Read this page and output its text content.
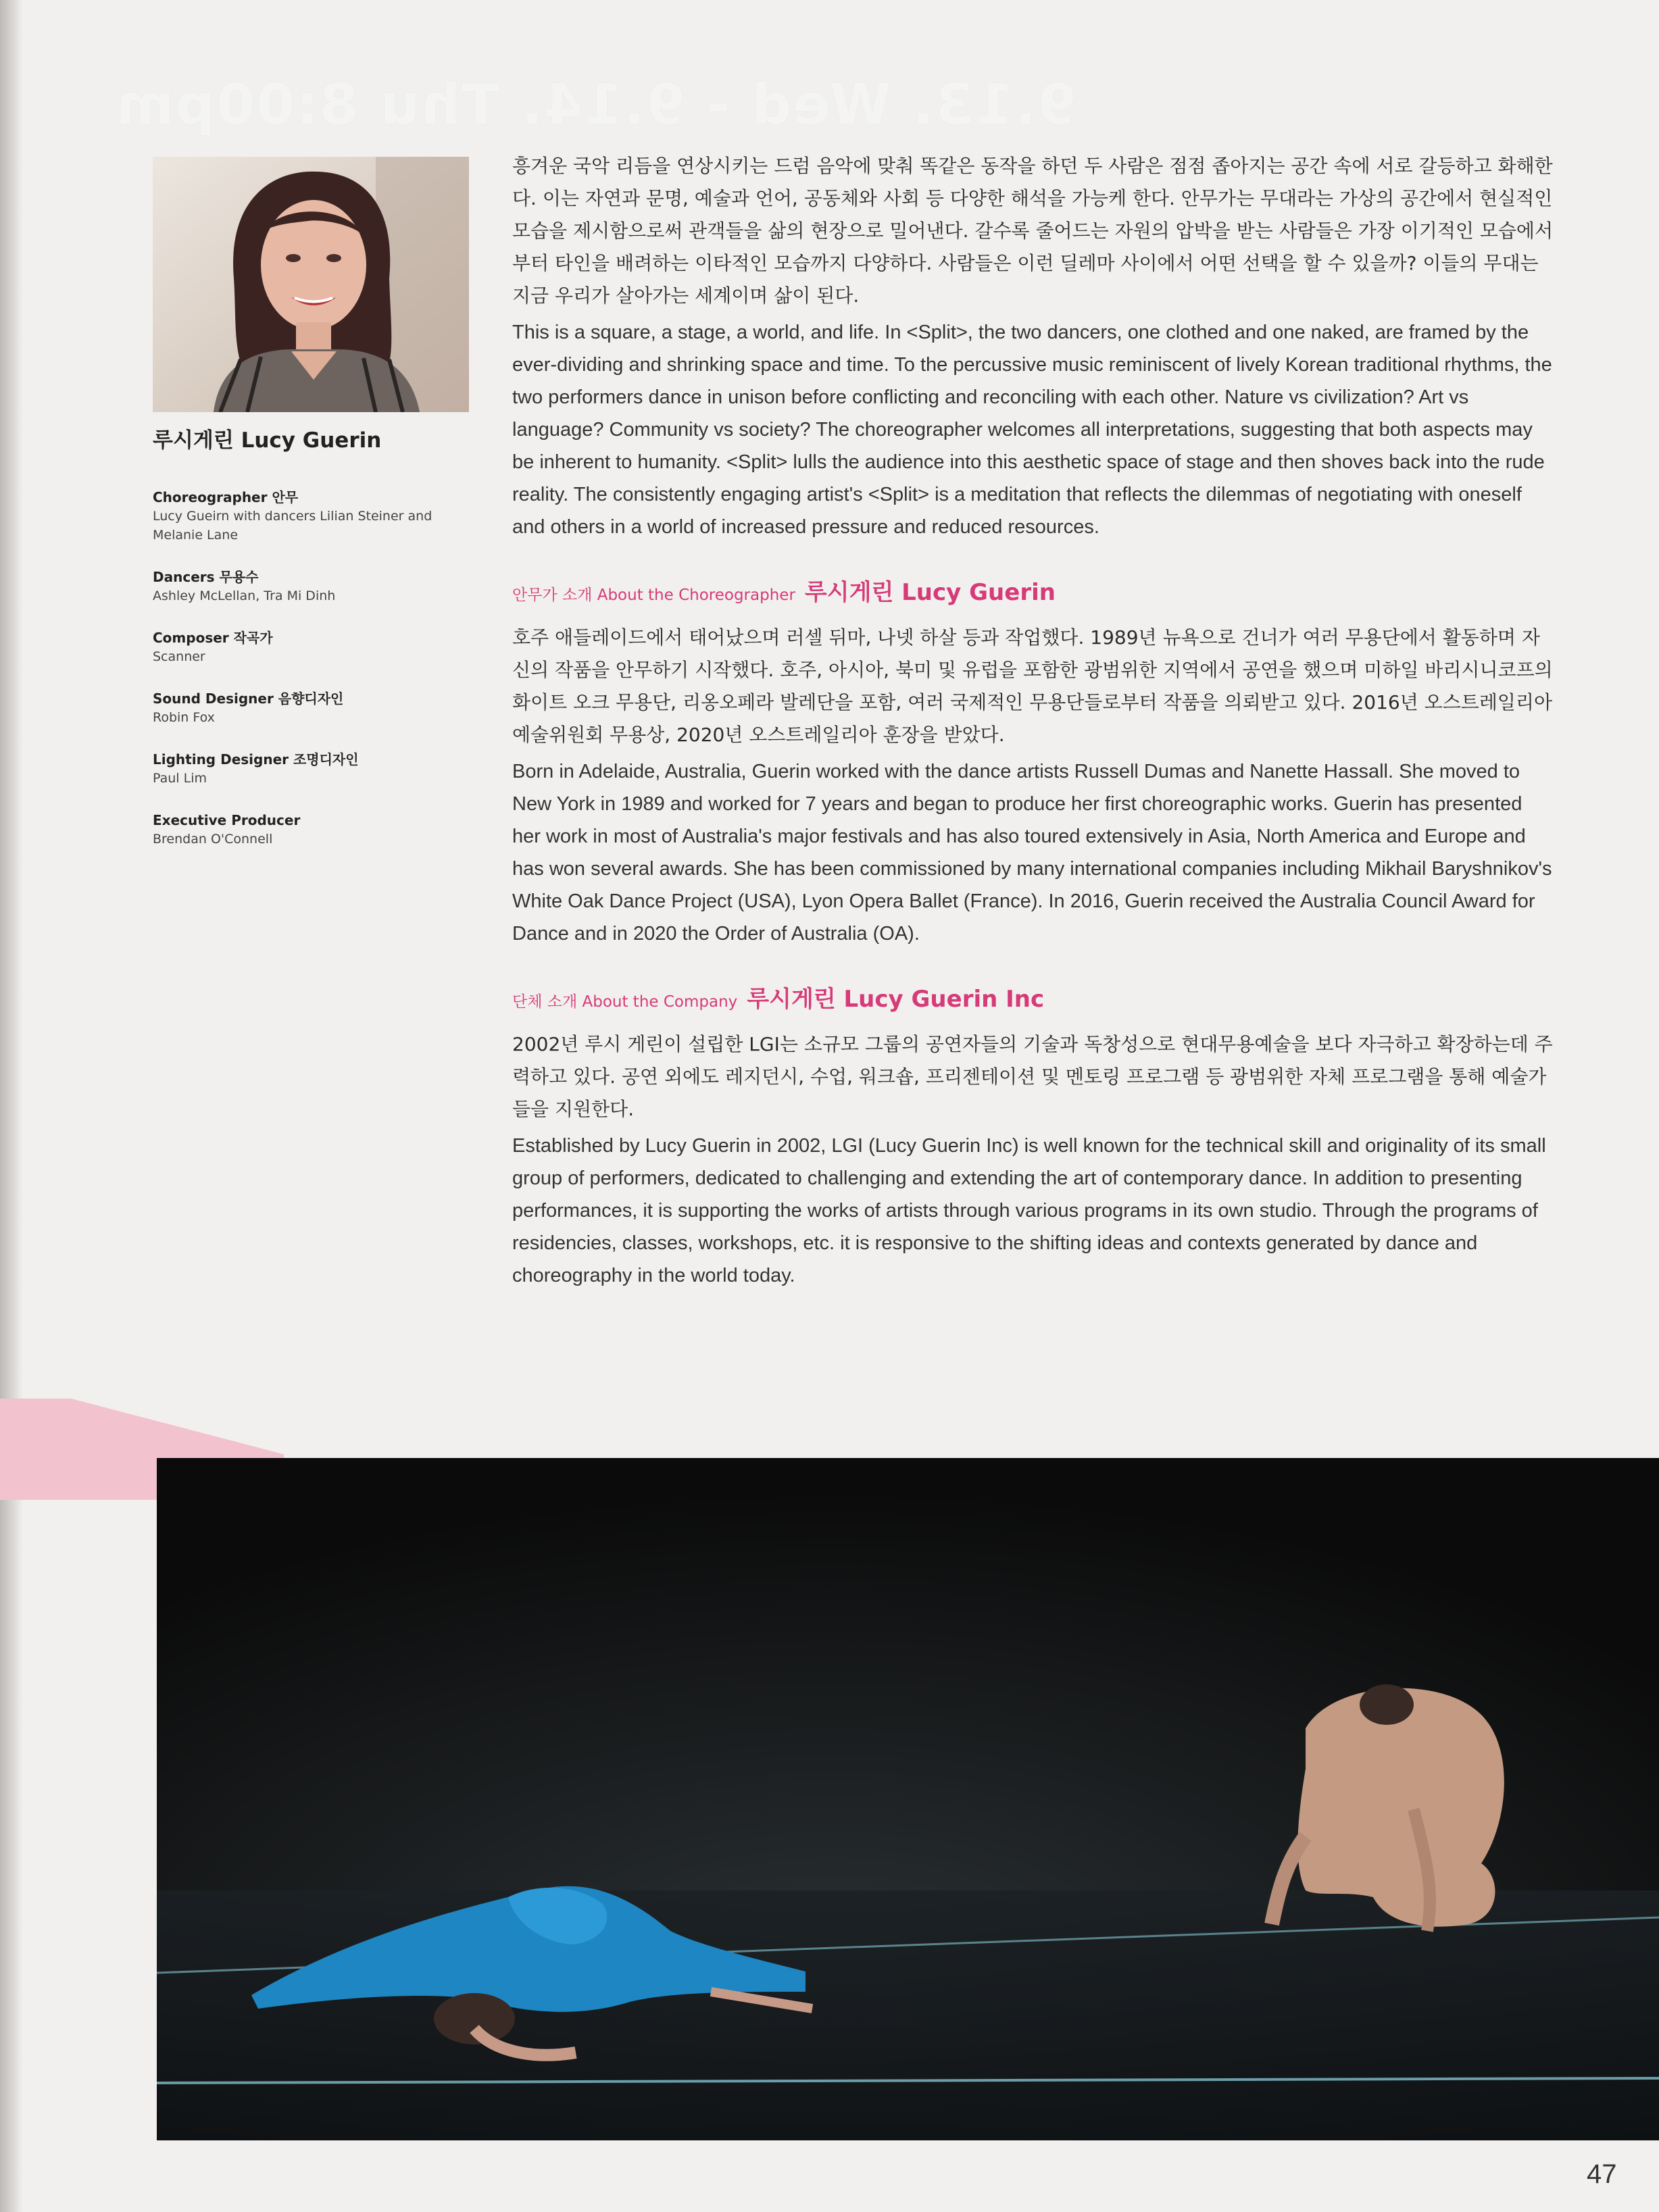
9.13. Wed - 9.14. Thu 8:00pm
루시게린 Lucy Guerin
Choreographer 안무
Lucy Gueirn with dancers Lilian Steiner and Melanie Lane
Dancers 무용수
Ashley McLellan, Tra Mi Dinh
Composer 작곡가
Scanner
Sound Designer 음향디자인
Robin Fox
Lighting Designer 조명디자인
Paul Lim
Executive Producer
Brendan O'Connell

흥겨운 국악 리듬을 연상시키는 드럼 음악에 맞춰 똑같은 동작을 하던 두 사람은 점점 좁아지는 공간 속에 서로 갈등하고 화해한다. 이는 자연과 문명, 예술과 언어, 공동체와 사회 등 다양한 해석을 가능케 한다. 안무가는 무대라는 가상의 공간에서 현실적인 모습을 제시함으로써 관객들을 삶의 현장으로 밀어낸다. 갈수록 줄어드는 자원의 압박을 받는 사람들은 가장 이기적인 모습에서부터 타인을 배려하는 이타적인 모습까지 다양하다. 사람들은 이런 딜레마 사이에서 어떤 선택을 할 수 있을까? 이들의 무대는 지금 우리가 살아가는 세계이며 삶이 된다.

This is a square, a stage, a world, and life. In <Split>, the two dancers, one clothed and one naked, are framed by the ever-dividing and shrinking space and time. To the percussive music reminiscent of lively Korean traditional rhythms, the two performers dance in unison before conflicting and reconciling with each other. Nature vs civilization? Art vs language? Community vs society? The choreographer welcomes all interpretations, suggesting that both aspects may be inherent to humanity. <Split> lulls the audience into this aesthetic space of stage and then shoves back into the rude reality. The consistently engaging artist's <Split> is a meditation that reflects the dilemmas of negotiating with oneself and others in a world of increased pressure and reduced resources.

안무가 소개 About the Choreographer 루시게린 Lucy Guerin

호주 애들레이드에서 태어났으며 러셀 뒤마, 나넷 하살 등과 작업했다. 1989년 뉴욕으로 건너가 여러 무용단에서 활동하며 자신의 작품을 안무하기 시작했다. 호주, 아시아, 북미 및 유럽을 포함한 광범위한 지역에서 공연을 했으며 미하일 바리시니코프의 화이트 오크 무용단, 리옹오페라 발레단을 포함, 여러 국제적인 무용단들로부터 작품을 의뢰받고 있다. 2016년 오스트레일리아 예술위원회 무용상, 2020년 오스트레일리아 훈장을 받았다.

Born in Adelaide, Australia, Guerin worked with the dance artists Russell Dumas and Nanette Hassall. She moved to New York in 1989 and worked for 7 years and began to produce her first choreographic works. Guerin has presented her work in most of Australia's major festivals and has also toured extensively in Asia, North America and Europe and has won several awards. She has been commissioned by many international companies including Mikhail Baryshnikov's White Oak Dance Project (USA), Lyon Opera Ballet (France). In 2016, Guerin received the Australia Council Award for Dance and in 2020 the Order of Australia (OA).

단체 소개 About the Company 루시게린 Lucy Guerin Inc

2002년 루시 게린이 설립한 LGI는 소규모 그룹의 공연자들의 기술과 독창성으로 현대무용예술을 보다 자극하고 확장하는데 주력하고 있다. 공연 외에도 레지던시, 수업, 워크숍, 프리젠테이션 및 멘토링 프로그램 등 광범위한 자체 프로그램을 통해 예술가들을 지원한다.

Established by Lucy Guerin in 2002, LGI (Lucy Guerin Inc) is well known for the technical skill and originality of its small group of performers, dedicated to challenging and extending the art of contemporary dance. In addition to presenting performances, it is supporting the works of artists through various programs in its own studio. Through the programs of residencies, classes, workshops, etc. it is responsive to the shifting ideas and contexts generated by dance and choreography in the world today.

47
